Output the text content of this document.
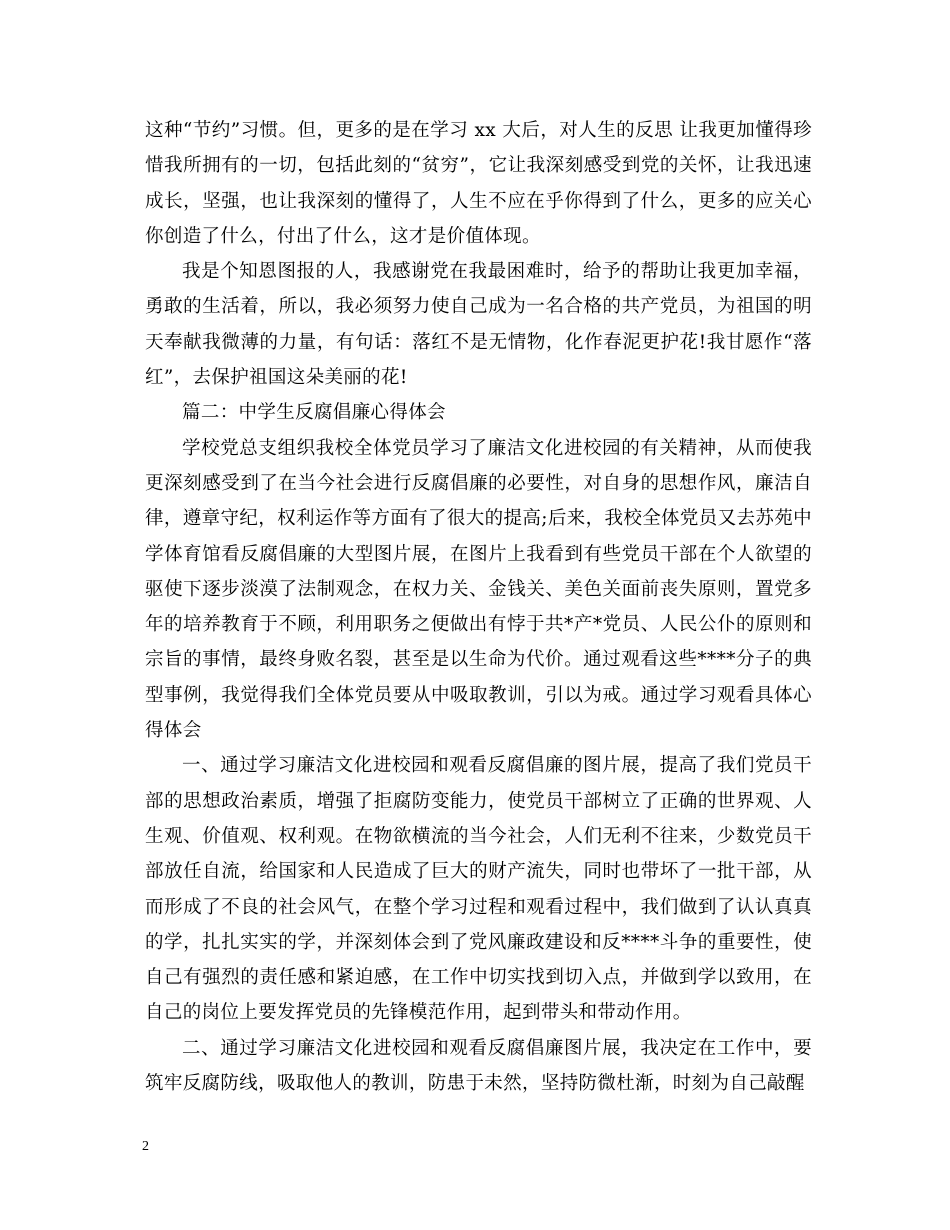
这种“节约”习惯。但，更多的是在学习 xx 大后，对人生的反思 让我更加懂得珍惜我所拥有的一切，包括此刻的“贫穷”，它让我深刻感受到党的关怀，让我迅速成长，坚强，也让我深刻的懂得了，人生不应在乎你得到了什么，更多的应关心你创造了什么，付出了什么，这才是价值体现。

我是个知恩图报的人，我感谢党在我最困难时，给予的帮助让我更加幸福，勇敢的生活着，所以，我必须努力使自己成为一名合格的共产党员，为祖国的明天奉献我微薄的力量，有句话：落红不是无情物，化作春泥更护花!我甘愿作“落红”，去保护祖国这朵美丽的花!

篇二：中学生反腐倡廉心得体会

学校党总支组织我校全体党员学习了廉洁文化进校园的有关精神，从而使我更深刻感受到了在当今社会进行反腐倡廉的必要性，对自身的思想作风，廉洁自律，遵章守纪，权利运作等方面有了很大的提高;后来，我校全体党员又去苏苑中学体育馆看反腐倡廉的大型图片展，在图片上我看到有些党员干部在个人欲望的驱使下逐步淡漠了法制观念，在权力关、金钱关、美色关面前丧失原则，置党多年的培养教育于不顾，利用职务之便做出有悖于共*产*党员、人民公仆的原则和宗旨的事情，最终身败名裂，甚至是以生命为代价。通过观看这些****分子的典型事例，我觉得我们全体党员要从中吸取教训，引以为戒。通过学习观看具体心得体会

一、通过学习廉洁文化进校园和观看反腐倡廉的图片展，提高了我们党员干部的思想政治素质，增强了拒腐防变能力，使党员干部树立了正确的世界观、人生观、价值观、权利观。在物欲横流的当今社会，人们无利不往来，少数党员干部放任自流，给国家和人民造成了巨大的财产流失，同时也带坏了一批干部，从而形成了不良的社会风气，在整个学习过程和观看过程中，我们做到了认认真真的学，扎扎实实的学，并深刻体会到了党风廉政建设和反****斗争的重要性，使自己有强烈的责任感和紧迫感，在工作中切实找到切入点，并做到学以致用，在自己的岗位上要发挥党员的先锋模范作用，起到带头和带动作用。

二、通过学习廉洁文化进校园和观看反腐倡廉图片展，我决定在工作中，要筑牢反腐防线，吸取他人的教训，防患于未然，坚持防微杜渐，时刻为自己敲醒

2
